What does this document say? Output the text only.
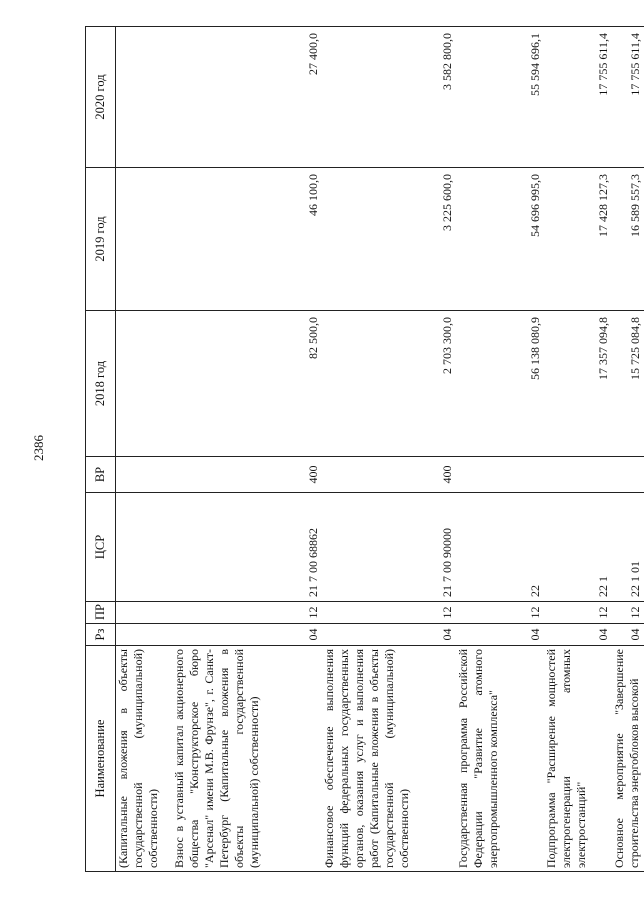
2386
Наименование	Рз	ПР	ЦСР	ВР	2018 год	2019 год	2020 год
(Капитальные вложения в объекты государственной (муниципальной) собственности)							
Взнос в уставный капитал акционерного общества "Конструкторское бюро "Арсенал" имени М.В. Фрунзе", г. Санкт-Петербург (Капитальные вложения в объекты государственной (муниципальной) собственности)	04	12	21 7 00 68862	400	82 500,0	46 100,0	27 400,0
Финансовое обеспечение выполнения функций федеральных государственных органов, оказания услуг и выполнения работ (Капитальные вложения в объекты государственной (муниципальной) собственности)	04	12	21 7 00 90000	400	2 703 300,0	3 225 600,0	3 582 800,0
Государственная программа Российской Федерации "Развитие атомного энергопромышленного комплекса"	04	12	22		56 138 080,9	54 696 995,0	55 594 696,1
Подпрограмма "Расширение мощностей электрогенерации атомных электростанций"	04	12	22 1		17 357 094,8	17 428 127,3	17 755 611,4
Основное мероприятие "Завершение строительства энергоблоков высокой	04	12	22 1 01		15 725 084,8	16 589 557,3	17 755 611,4
